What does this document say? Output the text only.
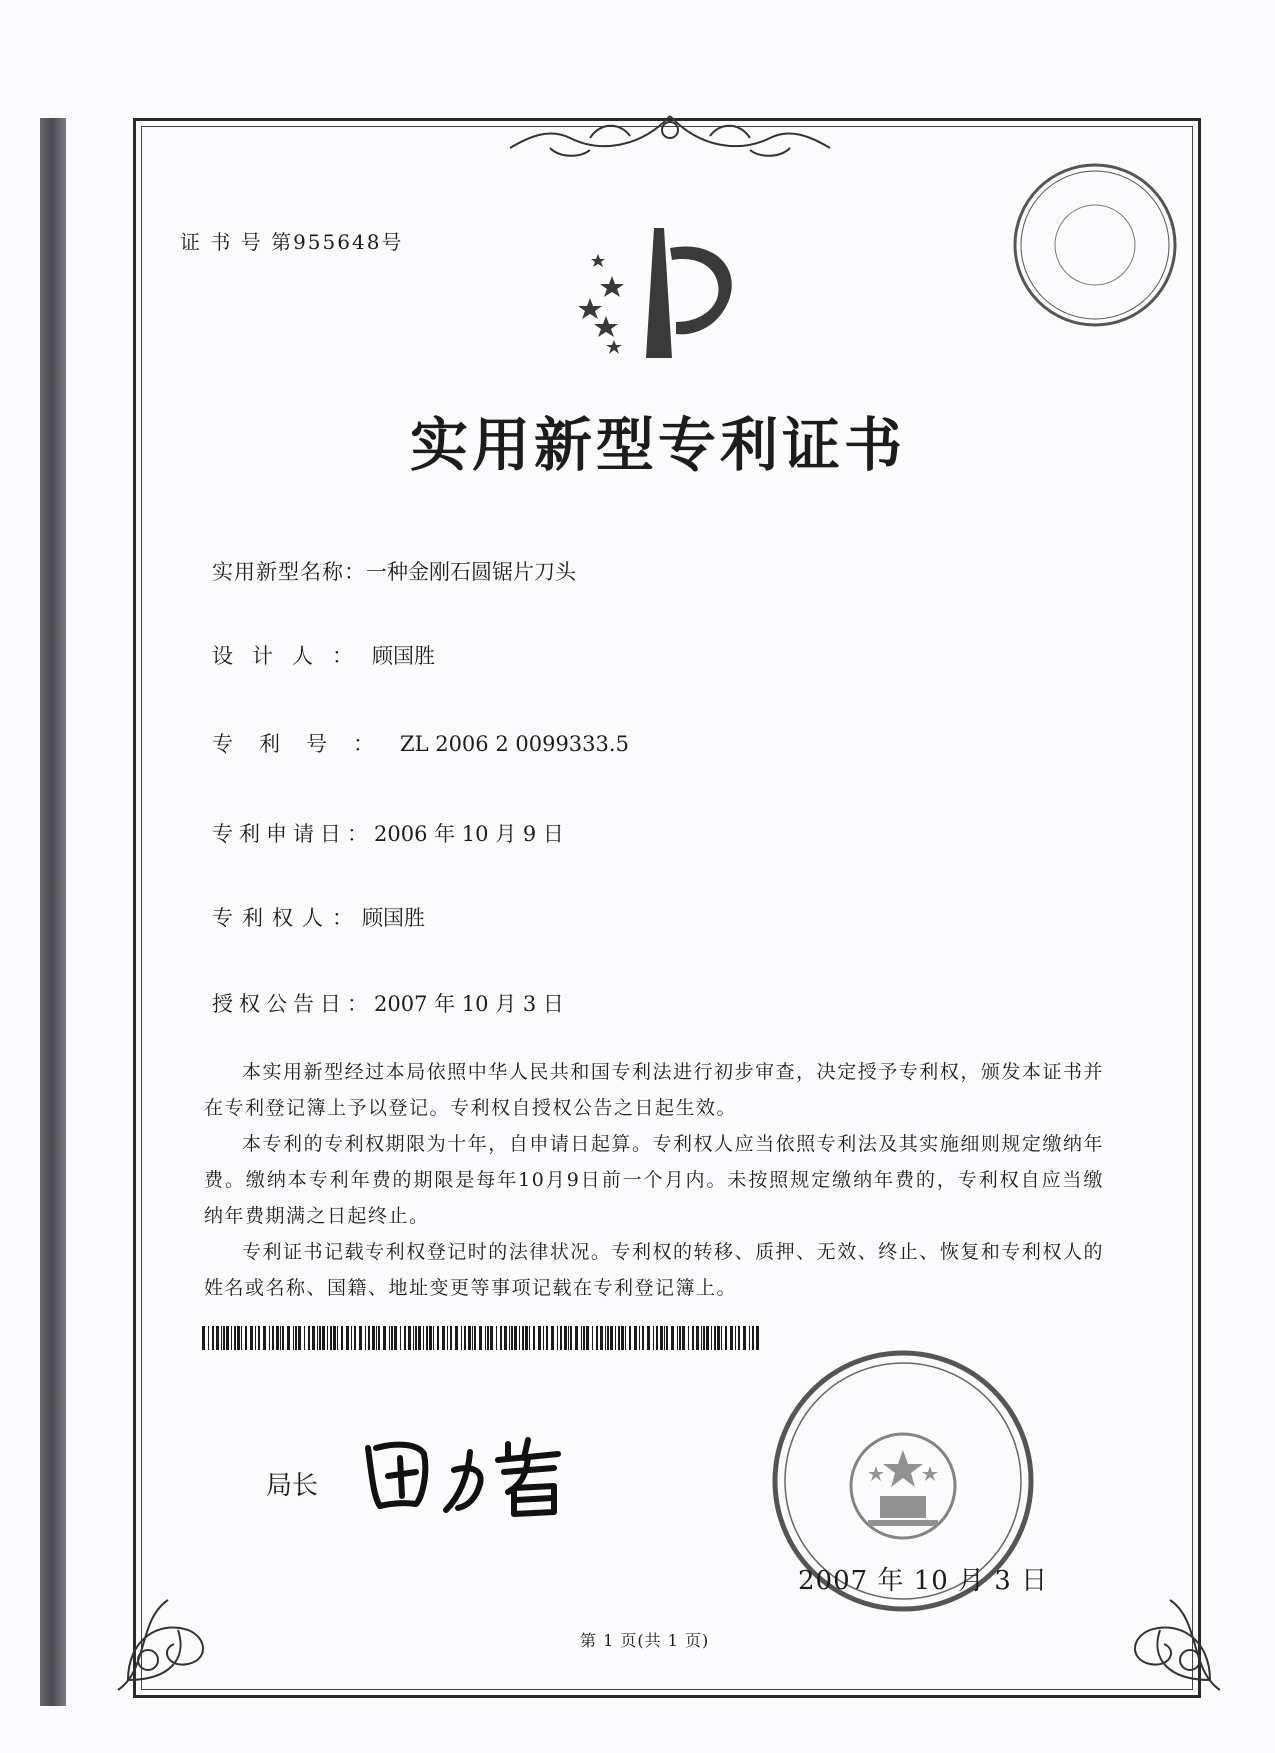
证 书 号 第955648号
实用新型专利证书
实用新型名称：一种金刚石圆锯片刀头
设计人：顾国胜
专利号：ZL 2006 2 0099333.5
专利申请日：2006 年 10 月 9 日
专利权人：顾国胜
授权公告日：2007 年 10 月 3 日

本实用新型经过本局依照中华人民共和国专利法进行初步审查，决定授予专利权，颁发本证书并在专利登记簿上予以登记。专利权自授权公告之日起生效。

本专利的专利权期限为十年，自申请日起算。专利权人应当依照专利法及其实施细则规定缴纳年费。缴纳本专利年费的期限是每年10月9日前一个月内。未按照规定缴纳年费的，专利权自应当缴纳年费期满之日起终止。

专利证书记载专利权登记时的法律状况。专利权的转移、质押、无效、终止、恢复和专利权人的姓名或名称、国籍、地址变更等事项记载在专利登记簿上。

局长
2007 年 10 月 3 日
第 1 页(共 1 页)
